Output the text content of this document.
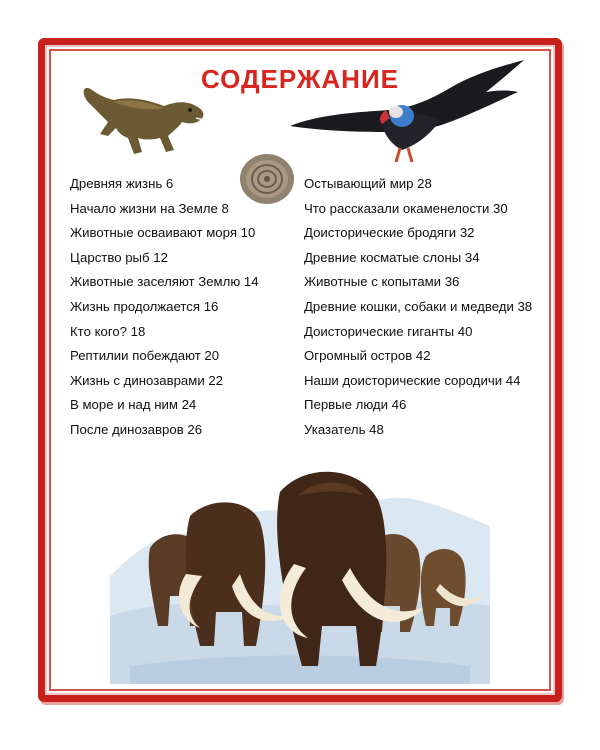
СОДЕРЖАНИЕ
Древняя жизнь 6
Начало жизни на Земле 8
Животные осваивают моря 10
Царство рыб 12
Животные заселяют Землю 14
Жизнь продолжается 16
Кто кого? 18
Рептилии побеждают 20
Жизнь с динозаврами 22
В море и над ним 24
После динозавров 26
Остывающий мир 28
Что рассказали окаменелости 30
Доисторические бродяги 32
Древние косматые слоны 34
Животные с копытами 36
Древние кошки, собаки и медведи 38
Доисторические гиганты 40
Огромный остров 42
Наши доисторические сородичи 44
Первые люди 46
Указатель 48
